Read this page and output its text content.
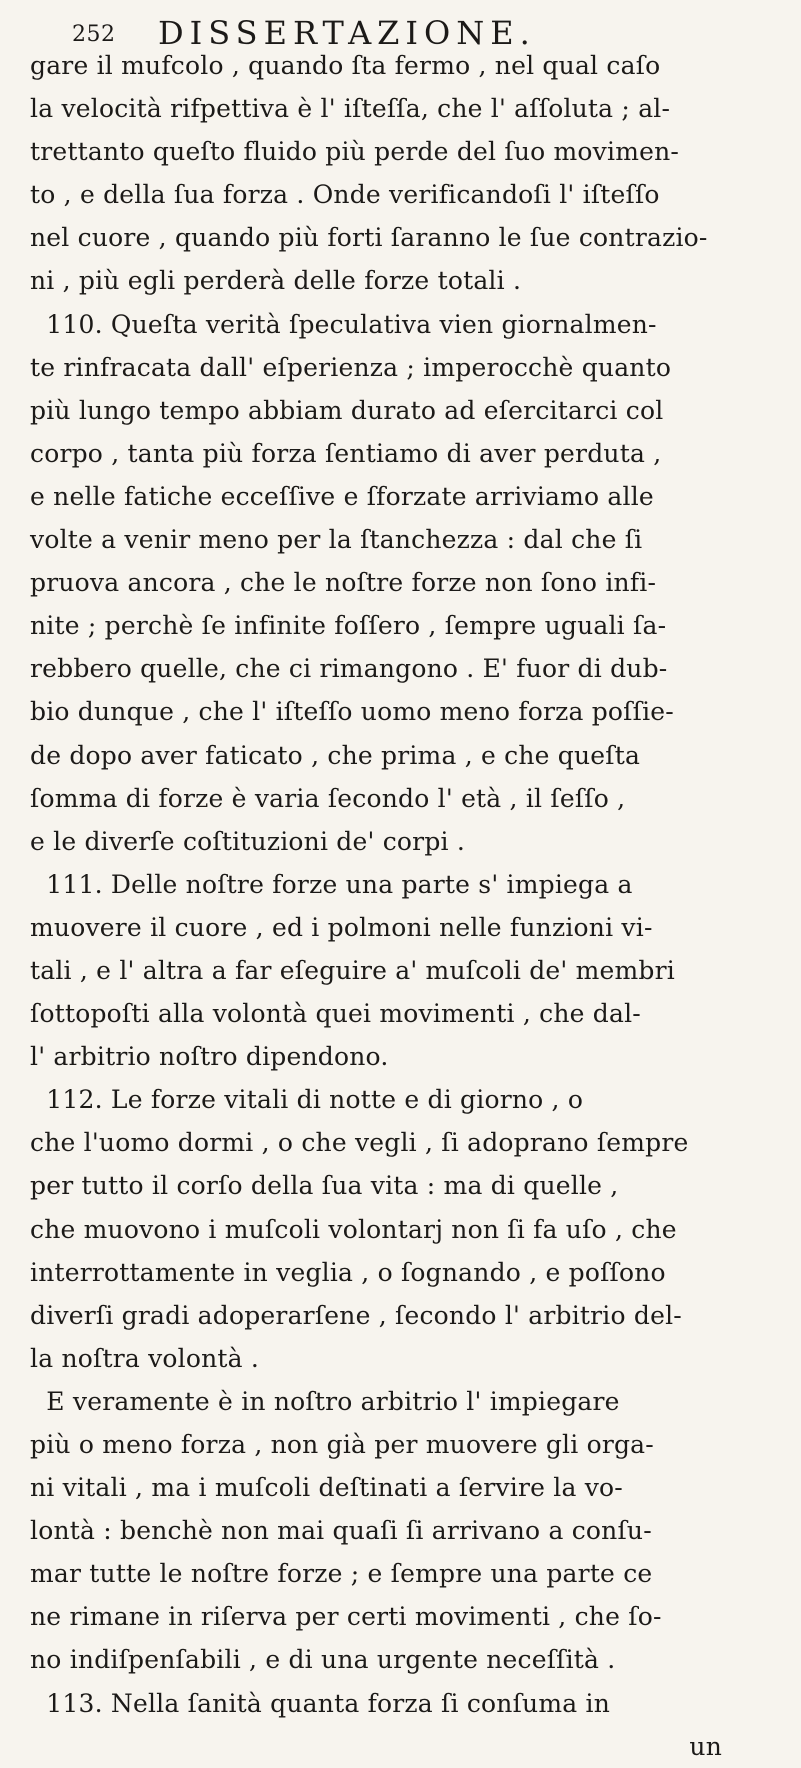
252 DISSERTAZIONE.
gare il mufcolo , quando ſta fermo , nel qual caſo
la velocità rifpettiva è l' iſteſſa, che l' aſſoluta ; al-
trettanto queſto fluido più perde del ſuo movimen-
to , e della ſua forza . Onde verificandoſi l' iſteſſo
nel cuore , quando più forti ſaranno le ſue contrazio-
ni , più egli perderà delle forze totali .
110. Queſta verità ſpeculativa vien giornalmen-
te rinfracata dall' eſperienza ; imperocchè quanto
più lungo tempo abbiam durato ad eſercitarci col
corpo , tanta più forza ſentiamo di aver perduta ,
e nelle fatiche ecceſſive e ſforzate arriviamo alle
volte a venir meno per la ſtanchezza : dal che ſi
pruova ancora , che le noſtre forze non ſono infi-
nite ; perchè ſe infinite foſſero , ſempre uguali ſa-
rebbero quelle, che ci rimangono . E' fuor di dub-
bio dunque , che l' iſteſſo uomo meno forza poſſie-
de dopo aver faticato , che prima , e che queſta
ſomma di forze è varia ſecondo l' età , il ſeſſo ,
e le diverſe coſtituzioni de' corpi .
111. Delle noſtre forze una parte s' impiega a
muovere il cuore , ed i polmoni nelle funzioni vi-
tali , e l' altra a far eſeguire a' muſcoli de' membri
ſottopoſti alla volontà quei movimenti , che dal-
l' arbitrio noſtro dipendono.
112. Le forze vitali di notte e di giorno , o
che l'uomo dormi , o che vegli , ſi adoprano ſempre
per tutto il corſo della ſua vita : ma di quelle ,
che muovono i muſcoli volontarj non ſi fa uſo , che
interrottamente in veglia , o ſognando , e poſſono
diverſi gradi adoperarſene , ſecondo l' arbitrio del-
la noſtra volontà .
E veramente è in noſtro arbitrio l' impiegare
più o meno forza , non già per muovere gli orga-
ni vitali , ma i muſcoli deſtinati a ſervire la vo-
lontà : benchè non mai quaſi ſi arrivano a conſu-
mar tutte le noſtre forze ; e ſempre una parte ce
ne rimane in riſerva per certi movimenti , che ſo-
no indiſpenſabili , e di una urgente neceſſità .
113. Nella ſanità quanta forza ſi conſuma in
un
